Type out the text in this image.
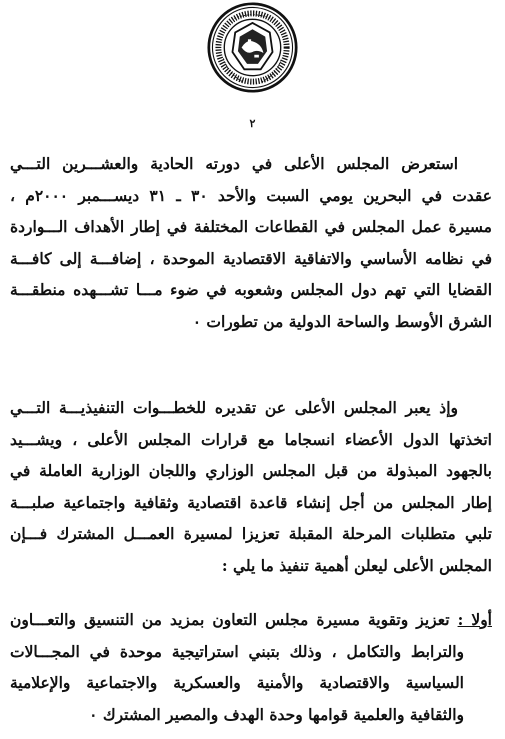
٢
استعرض المجلس الأعلى في دورته الحادية والعشـــرين التـــي
عقدت في البحرين يومي السبت والأحد ٣٠ ـ ٣١ ديســـمبر ٢٠٠٠م ،
مسيرة عمل المجلس في القطاعات المختلفة في إطار الأهداف الـــواردة
في نظامه الأساسي والاتفاقية الاقتصادية الموحدة ، إضافـــة إلى كافـــة
القضايا التي تهم دول المجلس وشعوبه في ضوء مـــا تشـــهده منطقـــة
الشرق الأوسط والساحة الدولية من تطورات ٠
وإذ يعبر المجلس الأعلى عن تقديره للخطـــوات التنفيذيـــة التـــي
اتخذتها الدول الأعضاء انسجاما مع قرارات المجلس الأعلى ، ويشـــيد
بالجهود المبذولة من قبل المجلس الوزاري واللجان الوزارية العاملة في
إطار المجلس من أجل إنشاء قاعدة اقتصادية وثقافية واجتماعية صلبـــة
تلبي متطلبات المرحلة المقبلة تعزيزا لمسيرة العمـــل المشترك فـــإن
المجلس الأعلى ليعلن أهمية تنفيذ ما يلي :
أولا : تعزيز وتقوية مسيرة مجلس التعاون بمزيد من التنسيق والتعـــاون
والترابط والتكامل ، وذلك بتبني استراتيجية موحدة في المجـــالات
السياسية والاقتصادية والأمنية والعسكرية والاجتماعية والإعلامية
والثقافية والعلمية قوامها وحدة الهدف والمصير المشترك ٠
